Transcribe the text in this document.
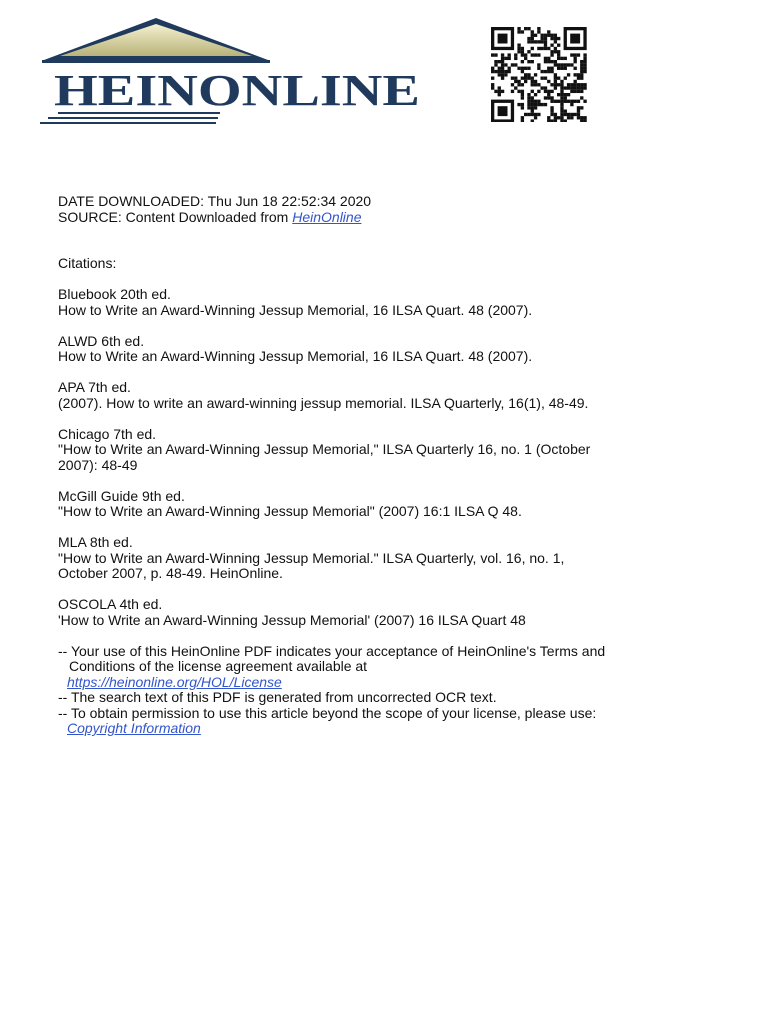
HEINONLINE
DATE DOWNLOADED: Thu Jun 18 22:52:34 2020
SOURCE: Content Downloaded from HeinOnline
Citations:
Bluebook 20th ed.
How to Write an Award-Winning Jessup Memorial, 16 ILSA Quart. 48 (2007).
ALWD 6th ed.
How to Write an Award-Winning Jessup Memorial, 16 ILSA Quart. 48 (2007).
APA 7th ed.
(2007). How to write an award-winning jessup memorial. ILSA Quarterly, 16(1), 48-49.
Chicago 7th ed.
"How to Write an Award-Winning Jessup Memorial," ILSA Quarterly 16, no. 1 (October
2007): 48-49
McGill Guide 9th ed.
"How to Write an Award-Winning Jessup Memorial" (2007) 16:1 ILSA Q 48.
MLA 8th ed.
"How to Write an Award-Winning Jessup Memorial." ILSA Quarterly, vol. 16, no. 1,
October 2007, p. 48-49. HeinOnline.
OSCOLA 4th ed.
'How to Write an Award-Winning Jessup Memorial' (2007) 16 ILSA Quart 48
-- Your use of this HeinOnline PDF indicates your acceptance of HeinOnline's Terms and
Conditions of the license agreement available at
https://heinonline.org/HOL/License
-- The search text of this PDF is generated from uncorrected OCR text.
-- To obtain permission to use this article beyond the scope of your license, please use:
Copyright Information
